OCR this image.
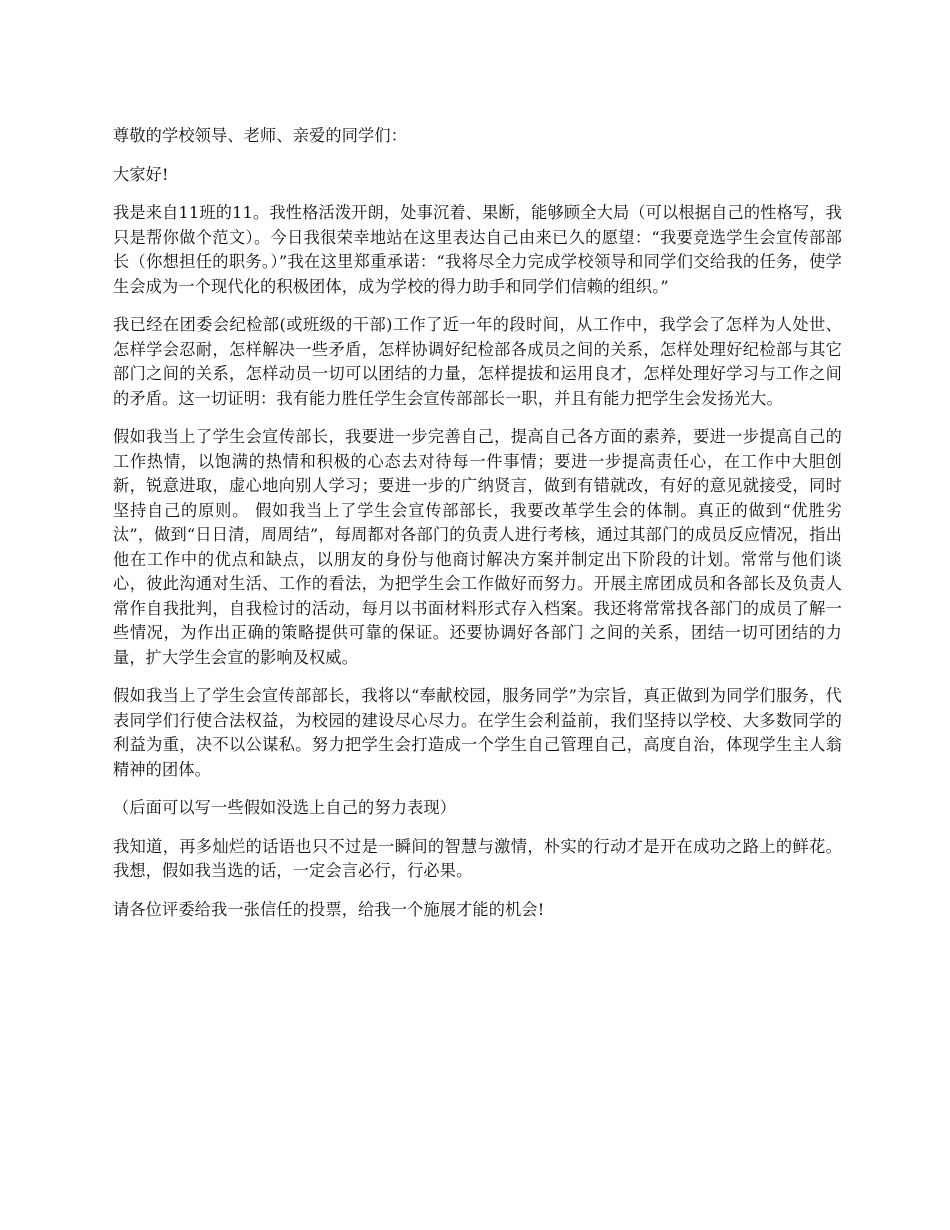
尊敬的学校领导、老师、亲爱的同学们：

大家好!

我是来自11班的11。我性格活泼开朗，处事沉着、果断，能够顾全大局（可以根据自己的性格写，我只是帮你做个范文）。今日我很荣幸地站在这里表达自己由来已久的愿望：“我要竞选学生会宣传部部长（你想担任的职务。）”我在这里郑重承诺：“我将尽全力完成学校领导和同学们交给我的任务，使学生会成为一个现代化的积极团体，成为学校的得力助手和同学们信赖的组织。”

我已经在团委会纪检部(或班级的干部)工作了近一年的段时间，从工作中，我学会了怎样为人处世、怎样学会忍耐，怎样解决一些矛盾，怎样协调好纪检部各成员之间的关系，怎样处理好纪检部与其它部门之间的关系，怎样动员一切可以团结的力量，怎样提拔和运用良才，怎样处理好学习与工作之间的矛盾。这一切证明：我有能力胜任学生会宣传部部长一职，并且有能力把学生会发扬光大。

假如我当上了学生会宣传部长，我要进一步完善自己，提高自己各方面的素养，要进一步提高自己的工作热情，以饱满的热情和积极的心态去对待每一件事情；要进一步提高责任心，在工作中大胆创新，锐意进取，虚心地向别人学习；要进一步的广纳贤言，做到有错就改，有好的意见就接受，同时坚持自己的原则。 假如我当上了学生会宣传部部长，我要改革学生会的体制。真正的做到“优胜劣汰”，做到“日日清，周周结”，每周都对各部门的负责人进行考核，通过其部门的成员反应情况，指出他在工作中的优点和缺点，以朋友的身份与他商讨解决方案并制定出下阶段的计划。常常与他们谈心，彼此沟通对生活、工作的看法，为把学生会工作做好而努力。开展主席团成员和各部长及负责人常作自我批判，自我检讨的活动，每月以书面材料形式存入档案。我还将常常找各部门的成员了解一些情况，为作出正确的策略提供可靠的保证。还要协调好各部门 之间的关系，团结一切可团结的力量，扩大学生会宣的影响及权威。

假如我当上了学生会宣传部部长，我将以“奉献校园，服务同学”为宗旨，真正做到为同学们服务，代表同学们行使合法权益，为校园的建设尽心尽力。在学生会利益前，我们坚持以学校、大多数同学的利益为重，决不以公谋私。努力把学生会打造成一个学生自己管理自己，高度自治，体现学生主人翁精神的团体。

（后面可以写一些假如没选上自己的努力表现）

我知道，再多灿烂的话语也只不过是一瞬间的智慧与激情，朴实的行动才是开在成功之路上的鲜花。我想，假如我当选的话，一定会言必行，行必果。

请各位评委给我一张信任的投票，给我一个施展才能的机会!
